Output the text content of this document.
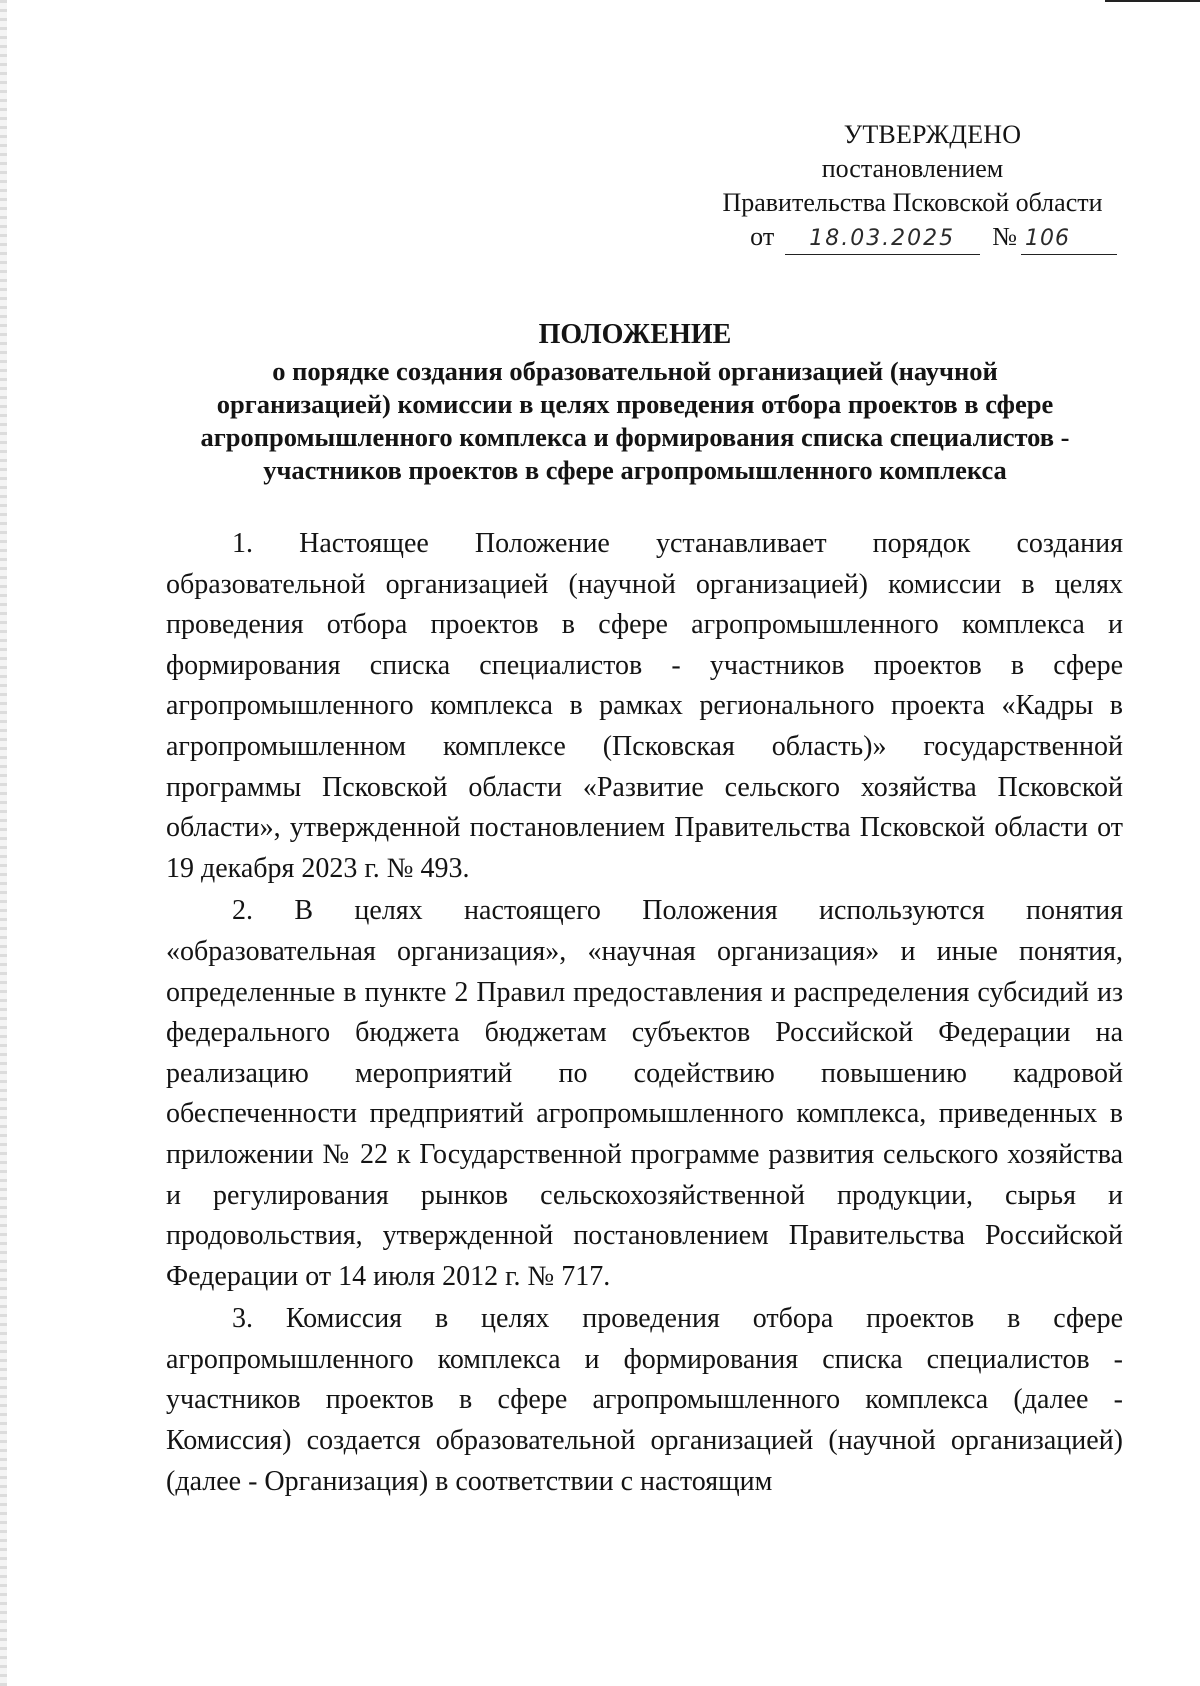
УТВЕРЖДЕНО
постановлением
Правительства Псковской области
от 18.03.2025 № 106
ПОЛОЖЕНИЕ
о порядке создания образовательной организацией (научной
организацией) комиссии в целях проведения отбора проектов в сфере
агропромышленного комплекса и формирования списка специалистов -
участников проектов в сфере агропромышленного комплекса

1. Настоящее Положение устанавливает порядок создания образовательной организацией (научной организацией) комиссии в целях проведения отбора проектов в сфере агропромышленного комплекса и формирования списка специалистов - участников проектов в сфере агропромышленного комплекса в рамках регионального проекта «Кадры в агропромышленном комплексе (Псковская область)» государственной программы Псковской области «Развитие сельского хозяйства Псковской области», утвержденной постановлением Правительства Псковской области от 19 декабря 2023 г. № 493.

2. В целях настоящего Положения используются понятия «образовательная организация», «научная организация» и иные понятия, определенные в пункте 2 Правил предоставления и распределения субсидий из федерального бюджета бюджетам субъектов Российской Федерации на реализацию мероприятий по содействию повышению кадровой обеспеченности предприятий агропромышленного комплекса, приведенных в приложении № 22 к Государственной программе развития сельского хозяйства и регулирования рынков сельскохозяйственной продукции, сырья и продовольствия, утвержденной постановлением Правительства Российской Федерации от 14 июля 2012 г. № 717.

3. Комиссия в целях проведения отбора проектов в сфере агропромышленного комплекса и формирования списка специалистов - участников проектов в сфере агропромышленного комплекса (далее - Комиссия) создается образовательной организацией (научной организацией) (далее - Организация) в соответствии с настоящим
